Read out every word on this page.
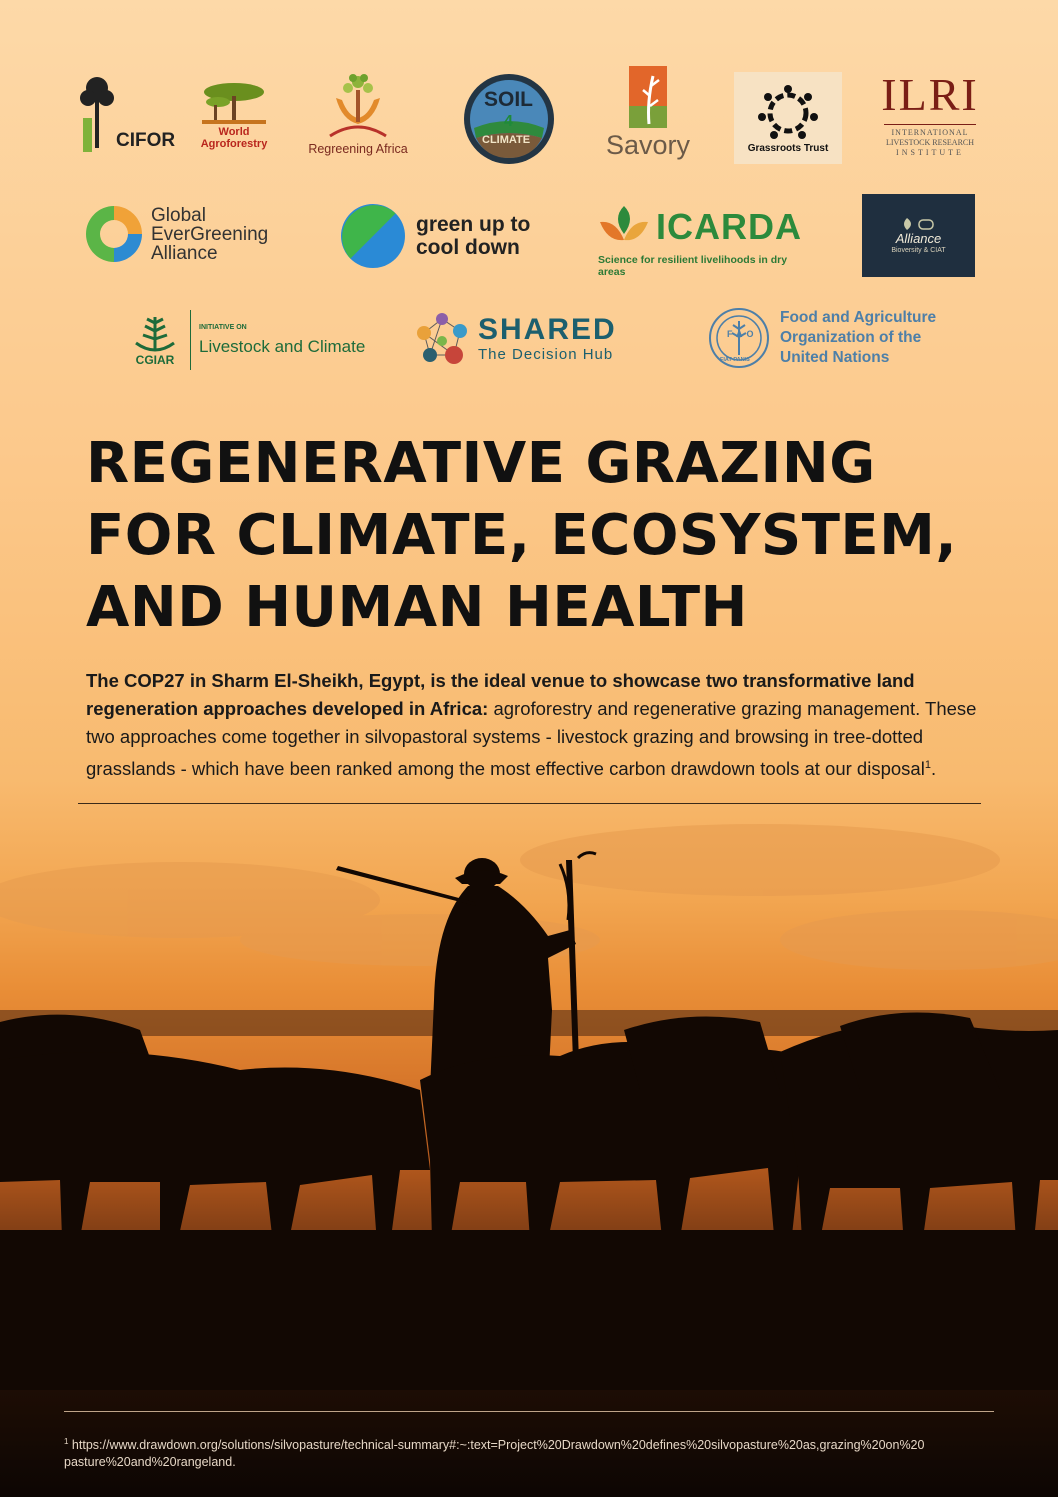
CIFOR	World
Agroforestry	Regreening Africa
SOIL
4
CLIMATE	Savory	Grassroots Trust
ILRI
INTERNATIONAL
LIVESTOCK RESEARCH
INSTITUTE
Global
EverGreening
Alliance
green up to
cool down
ICARDA
Science for resilient livelihoods in dry areas
Alliance
Bioversity & CIAT
CGIAR
INITIATIVE ON
Livestock and Climate	SHARED
The Decision Hub
FAO
FIAT PANIS
Food and Agriculture
Organization of the
United Nations
REGENERATIVE GRAZING
FOR CLIMATE, ECOSYSTEM,
AND HUMAN HEALTH

The COP27 in Sharm El-Sheikh, Egypt, is the ideal venue to showcase two transformative land regeneration approaches developed in Africa: agroforestry and regenerative grazing management. These two approaches come together in silvopastoral systems - livestock grazing and browsing in tree-dotted grasslands - which have been ranked among the most effective carbon drawdown tools at our disposal$^1$.

$^1$ https://www.drawdown.org/solutions/silvopasture/technical-summary#:~:text=Project%20Drawdown%20defines%20silvopasture%20as,grazing%20on%20 pasture%20and%20rangeland.
